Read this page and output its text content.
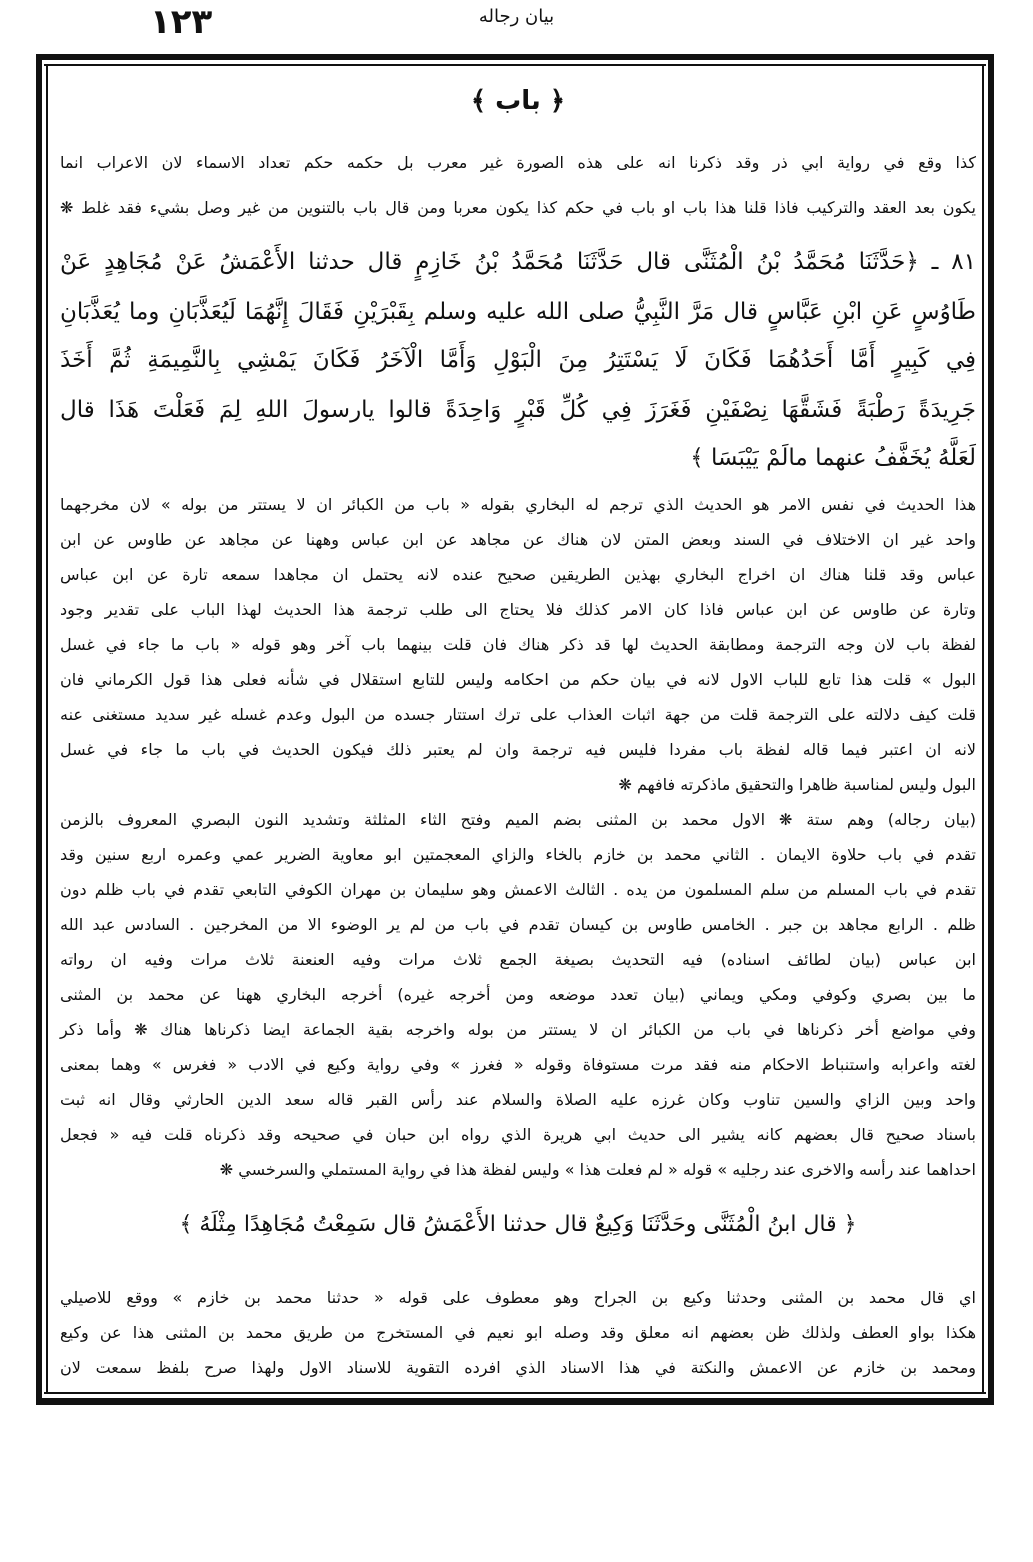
١٢٣	بيان رجاله
﴿ باب ﴾
كذا وقع في رواية ابي ذر وقد ذكرنا انه على هذه الصورة غير معرب بل حكمه حكم تعداد الاسماء لان الاعراب انما
يكون بعد العقد والتركيب فاذا قلنا هذا باب او باب في حكم كذا يكون معربا ومن قال باب بالتنوين من غير وصل بشيء فقد غلط ❋
٨١ ـ ﴿حَدَّثَنَا مُحَمَّدُ بْنُ الْمُثَنَّى قال حَدَّثَنَا مُحَمَّدُ بْنُ خَازِمٍ قال حدثنا الأَعْمَشُ عَنْ مُجَاهِدٍ عَنْ
طَاوُسٍ عَنِ ابْنِ عَبَّاسٍ قال مَرَّ النَّبِيُّ صلى الله عليه وسلم بِقَبْرَيْنِ فَقَالَ إِنَّهُمَا لَيُعَذَّبَانِ وما يُعَذَّبَانِ
فِي كَبِيرٍ أَمَّا أَحَدُهُمَا فَكَانَ لَا يَسْتَتِرُ مِنَ الْبَوْلِ وَأَمَّا الْآخَرُ فَكَانَ يَمْشِي بِالنَّمِيمَةِ ثُمَّ أَخَذَ
جَرِيدَةً رَطْبَةً فَشَقَّهَا نِصْفَيْنِ فَغَرَزَ فِي كُلِّ قَبْرٍ وَاحِدَةً قالوا يارسولَ اللهِ لِمَ فَعَلْتَ هَذَا قال
لَعَلَّهُ يُخَفَّفُ عنهما مالَمْ يَيْبَسَا ﴾
هذا الحديث في نفس الامر هو الحديث الذي ترجم له البخاري بقوله « باب من الكبائر ان لا يستتر من بوله » لان مخرجهما
واحد غير ان الاختلاف في السند وبعض المتن لان هناك عن مجاهد عن ابن عباس وههنا عن مجاهد عن طاوس عن ابن
عباس وقد قلنا هناك ان اخراج البخاري بهذين الطريقين صحيح عنده لانه يحتمل ان مجاهدا سمعه تارة عن ابن عباس
وتارة عن طاوس عن ابن عباس فاذا كان الامر كذلك فلا يحتاج الى طلب ترجمة هذا الحديث لهذا الباب على تقدير وجود
لفظة باب لان وجه الترجمة ومطابقة الحديث لها قد ذكر هناك فان قلت بينهما باب آخر وهو قوله « باب ما جاء في غسل
البول » قلت هذا تابع للباب الاول لانه في بيان حكم من احكامه وليس للتابع استقلال في شأنه فعلى هذا قول الكرماني فان
قلت كيف دلالته على الترجمة قلت من جهة اثبات العذاب على ترك استتار جسده من البول وعدم غسله غير سديد مستغنى عنه
لانه ان اعتبر فيما قاله لفظة باب مفردا فليس فيه ترجمة وان لم يعتبر ذلك فيكون الحديث في باب ما جاء في غسل
البول وليس لمناسبة ظاهرا والتحقيق ماذكرته فافهم ❋
(بيان رجاله) وهم ستة ❋ الاول محمد بن المثنى بضم الميم وفتح الثاء المثلثة وتشديد النون البصري المعروف بالزمن
تقدم في باب حلاوة الايمان . الثاني محمد بن خازم بالخاء والزاي المعجمتين ابو معاوية الضرير عمي وعمره اربع سنين وقد
تقدم في باب المسلم من سلم المسلمون من يده . الثالث الاعمش وهو سليمان بن مهران الكوفي التابعي تقدم في باب ظلم دون
ظلم . الرابع مجاهد بن جبر . الخامس طاوس بن كيسان تقدم في باب من لم ير الوضوء الا من المخرجين . السادس عبد الله
ابن عباس (بيان لطائف اسناده) فيه التحديث بصيغة الجمع ثلاث مرات وفيه العنعنة ثلاث مرات وفيه ان رواته
ما بين بصري وكوفي ومكي ويماني (بيان تعدد موضعه ومن أخرجه غيره) أخرجه البخاري ههنا عن محمد بن المثنى
وفي مواضع أخر ذكرناها في باب من الكبائر ان لا يستتر من بوله واخرجه بقية الجماعة ايضا ذكرناها هناك ❋ وأما ذكر
لغته واعرابه واستنباط الاحكام منه فقد مرت مستوفاة وقوله « فغرز » وفي رواية وكيع في الادب « فغرس » وهما بمعنى
واحد وبين الزاي والسين تناوب وكان غرزه عليه الصلاة والسلام عند رأس القبر قاله سعد الدين الحارثي وقال انه ثبت
باسناد صحيح قال بعضهم كانه يشير الى حديث ابي هريرة الذي رواه ابن حبان في صحيحه وقد ذكرناه قلت فيه « فجعل
احداهما عند رأسه والاخرى عند رجليه » قوله « لم فعلت هذا » وليس لفظة هذا في رواية المستملي والسرخسي ❋
﴿ قال ابنُ الْمُثَنَّى وحَدَّثَنَا وَكِيعٌ قال حدثنا الأَعْمَشُ قال سَمِعْتُ مُجَاهِدًا مِثْلَهُ ﴾
اي قال محمد بن المثنى وحدثنا وكيع بن الجراح وهو معطوف على قوله « حدثنا محمد بن خازم » ووقع للاصيلي
هكذا بواو العطف ولذلك ظن بعضهم انه معلق وقد وصله ابو نعيم في المستخرج من طريق محمد بن المثنى هذا عن وكيع
ومحمد بن خازم عن الاعمش والنكتة في هذا الاسناد الذي افرده التقوية للاسناد الاول ولهذا صرح بلفظ سمعت لان
